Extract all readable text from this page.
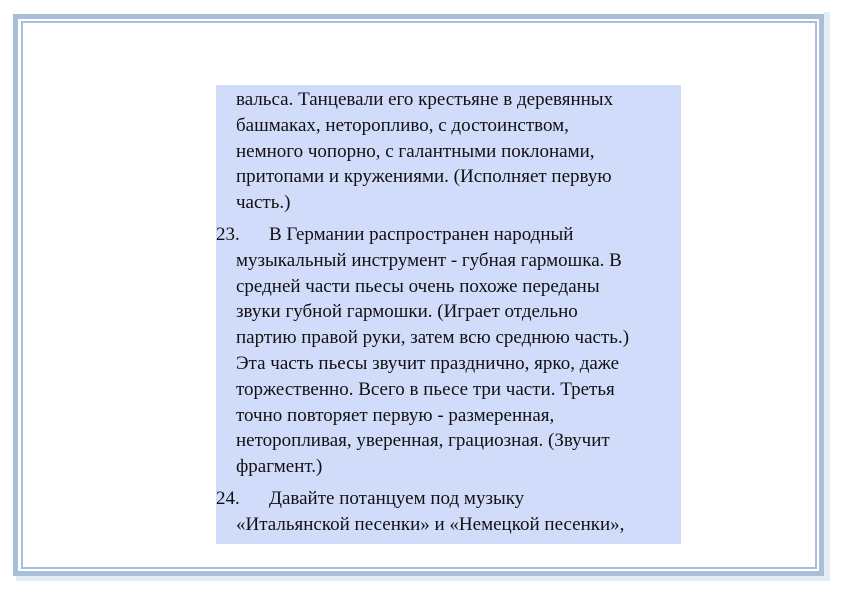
вальса. Танцевали его крестьяне в деревянных
башмаках, неторопливо, с достоинством,
немного чопорно, с галантными поклонами,
притопами и кружениями. (Исполняет первую
часть.)
23.	В Германии распространен народный
музыкальный инструмент - губная гармошка. В
средней части пьесы очень похоже переданы
звуки губной гармошки. (Играет отдельно
партию правой руки, затем всю среднюю часть.)
Эта часть пьесы звучит празднично, ярко, даже
торжественно. Всего в пьесе три части. Третья
точно повторяет первую - размеренная,
неторопливая, уверенная, грациозная. (Звучит
фрагмент.)
24.	Давайте потанцуем под музыку
«Итальянской песенки» и «Немецкой песенки»,
